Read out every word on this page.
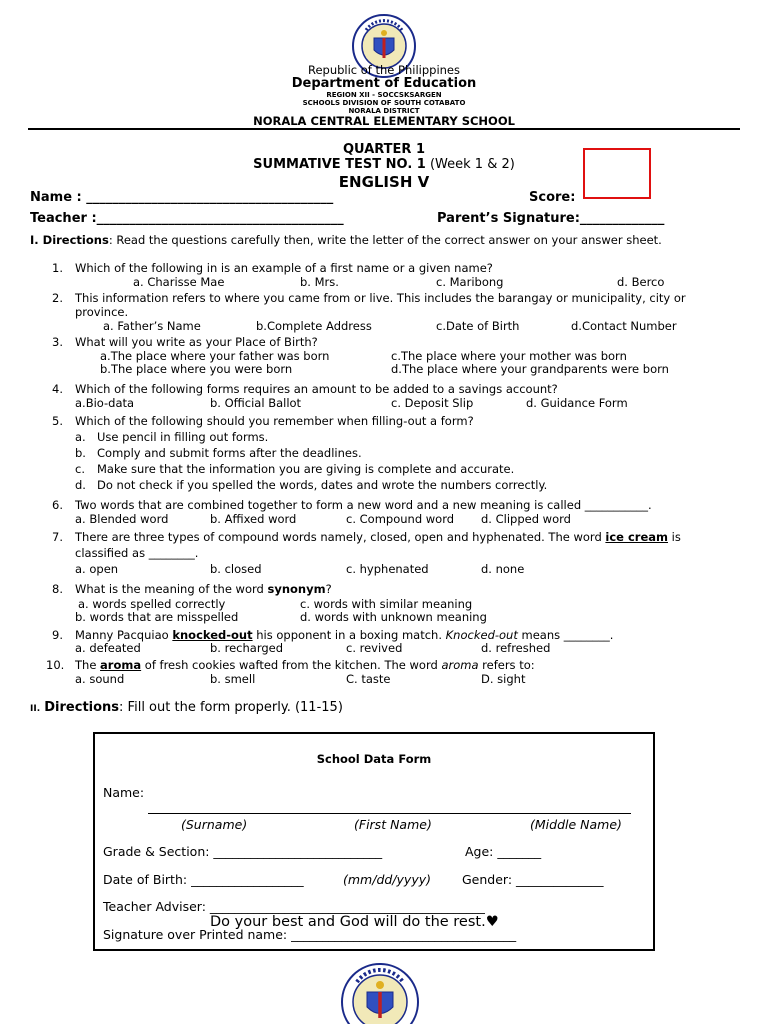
Republic of the Philippines
Department of Education
REGION XII - SOCCSKSARGEN
SCHOOLS DIVISION OF SOUTH COTABATO
NORALA DISTRICT
NORALA CENTRAL ELEMENTARY SCHOOL
QUARTER 1
SUMMATIVE TEST NO. 1 (Week 1 & 2)
ENGLISH V
Name : ______________________________________	Score:
Teacher :______________________________________	Parent’s Signature:_____________
I. Directions: Read the questions carefully then, write the letter of the correct answer on your answer sheet.
1. Which of the following in is an example of a first name or a given name?
a. Charisse Mae	b. Mrs.	c. Maribong	d. Berco
2. This information refers to where you came from or live. This includes the barangay or municipality, city or
province.
a. Father’s Name	b.Complete Address	c.Date of Birth	d.Contact Number
3. What will you write as your Place of Birth?
a.The place where your father was born	c.The place where your mother was born
b.The place where you were born	d.The place where your grandparents were born
4. Which of the following forms requires an amount to be added to a savings account?
a.Bio-data	b. Official Ballot	c. Deposit Slip	d. Guidance Form
5. Which of the following should you remember when filling-out a form?
a. Use pencil in filling out forms.
b. Comply and submit forms after the deadlines.
c. Make sure that the information you are giving is complete and accurate.
d. Do not check if you spelled the words, dates and wrote the numbers correctly.
6. Two words that are combined together to form a new word and a new meaning is called ___________.
a. Blended word	b. Affixed word	c. Compound word d. Clipped word
7. There are three types of compound words namely, closed, open and hyphenated. The word ice cream is
classified as ________.
a. open	b. closed	c. hyphenated	d. none
8. What is the meaning of the word synonym?
a. words spelled correctly	c. words with similar meaning
b. words that are misspelled	d. words with unknown meaning
9. Manny Pacquiao knocked-out his opponent in a boxing match. Knocked-out means ________.
a. defeated	b. recharged	c. revived	d. refreshed
10. The aroma of fresh cookies wafted from the kitchen. The word aroma refers to:
a. sound	b. smell	C. taste	D. sight
II. Directions: Fill out the form properly. (11-15)
School Data Form
Name:
(Surname)	(First Name)	(Middle Name)
Grade & Section: ___________________________	Age: _______
Date of Birth: __________________	(mm/dd/yyyy) Gender: ______________
Teacher Adviser: ____________________________________________
Do your best and God will do the rest.♥
Signature over Printed name: ____________________________________
